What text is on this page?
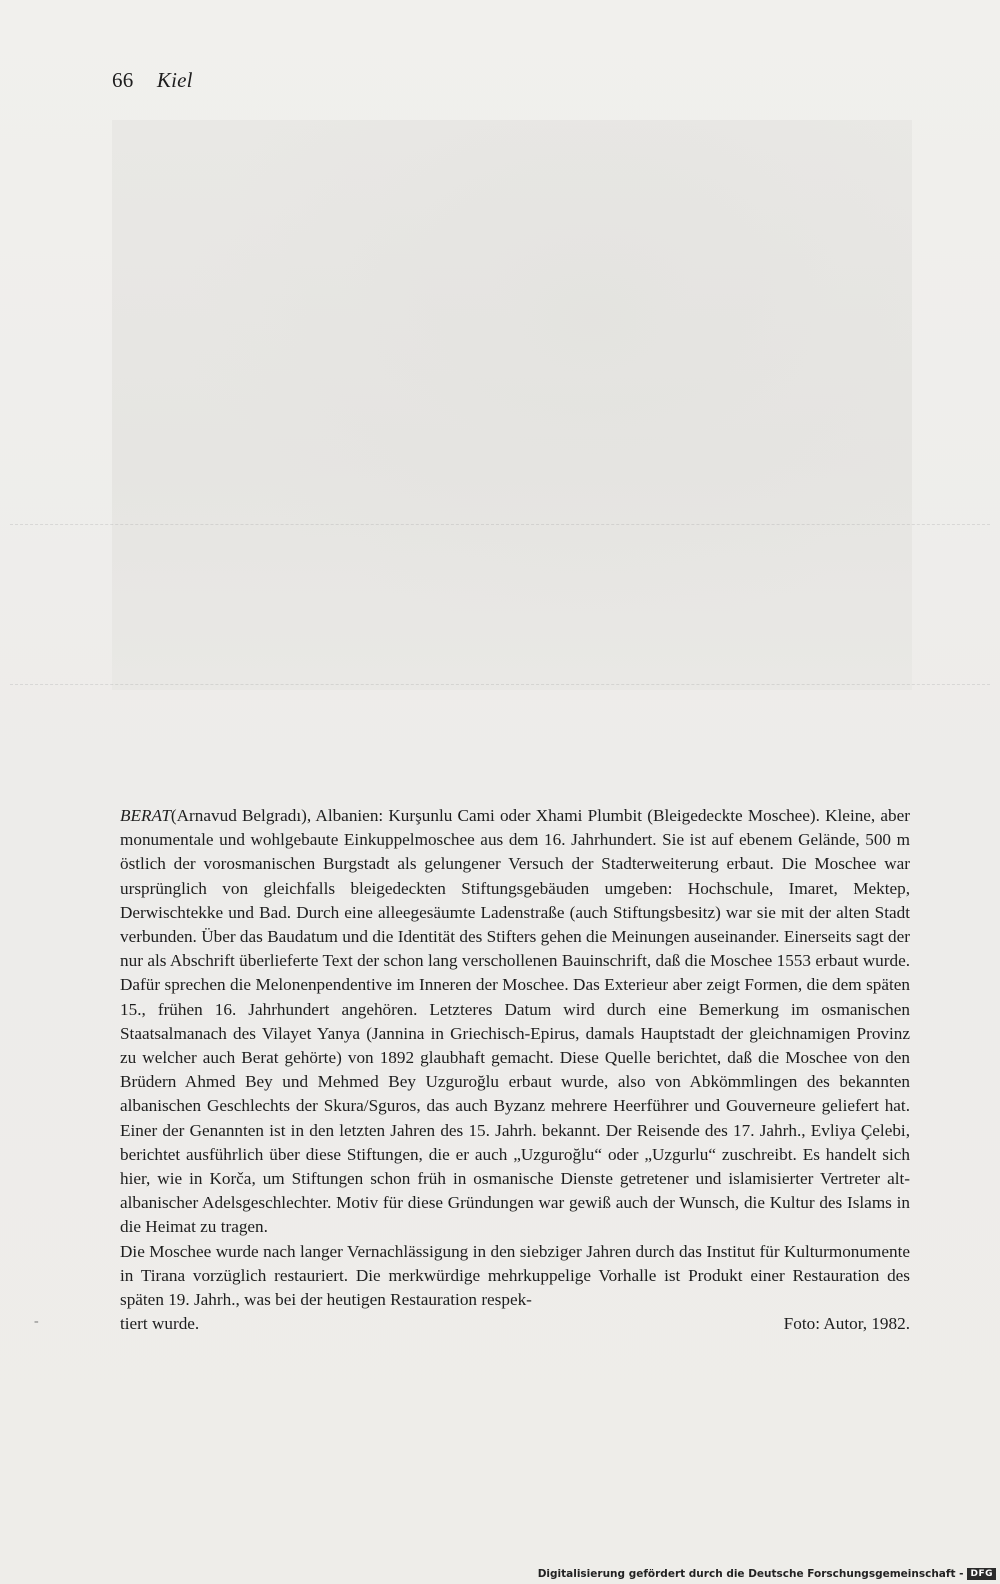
66 Kiel

BERAT(Arnavud Belgradı), Albanien: Kurşunlu Cami oder Xhami Plumbit (Bleigedeckte Moschee). Kleine, aber monumentale und wohlgebaute Einkuppelmoschee aus dem 16. Jahrhundert. Sie ist auf ebenem Gelände, 500 m östlich der vorosmanischen Burgstadt als gelungener Versuch der Stadterweiterung erbaut. Die Moschee war ursprünglich von gleichfalls bleigedeckten Stiftungsgebäuden umgeben: Hochschule, Imaret, Mektep, Derwischtekke und Bad. Durch eine alleegesäumte Ladenstraße (auch Stiftungsbesitz) war sie mit der alten Stadt verbunden. Über das Baudatum und die Identität des Stifters gehen die Meinungen auseinander. Einerseits sagt der nur als Abschrift überlieferte Text der schon lang verschollenen Bauinschrift, daß die Moschee 1553 erbaut wurde. Dafür sprechen die Melonenpendentive im Inneren der Moschee. Das Exterieur aber zeigt Formen, die dem späten 15., frühen 16. Jahrhundert angehören. Letzteres Datum wird durch eine Bemerkung im osmanischen Staatsalmanach des Vilayet Yanya (Jannina in Griechisch-Epirus, damals Hauptstadt der gleichnamigen Provinz zu welcher auch Berat gehörte) von 1892 glaubhaft gemacht. Diese Quelle berichtet, daß die Moschee von den Brüdern Ahmed Bey und Mehmed Bey Uzguroğlu erbaut wurde, also von Abkömmlingen des bekannten albanischen Geschlechts der Skura/Sguros, das auch Byzanz mehrere Heerführer und Gouverneure geliefert hat. Einer der Genannten ist in den letzten Jahren des 15. Jahrh. bekannt. Der Reisende des 17. Jahrh., Evliya Çelebi, berichtet ausführlich über diese Stiftungen, die er auch „Uzguroğlu“ oder „Uzgurlu“ zuschreibt. Es handelt sich hier, wie in Korča, um Stiftungen schon früh in osmanische Dienste getretener und islamisierter Vertreter alt-albanischer Adelsgeschlechter. Motiv für diese Gründungen war gewiß auch der Wunsch, die Kultur des Islams in die Heimat zu tragen.

Die Moschee wurde nach langer Vernachlässigung in den siebziger Jahren durch das Institut für Kulturmonumente in Tirana vorzüglich restauriert. Die merkwürdige mehrkuppelige Vorhalle ist Produkt einer Restauration des späten 19. Jahrh., was bei der heutigen Restauration respek-

tiert wurde.	Foto: Autor, 1982.
-
Digitalisierung gefördert durch die Deutsche Forschungsgemeinschaft - DFG
